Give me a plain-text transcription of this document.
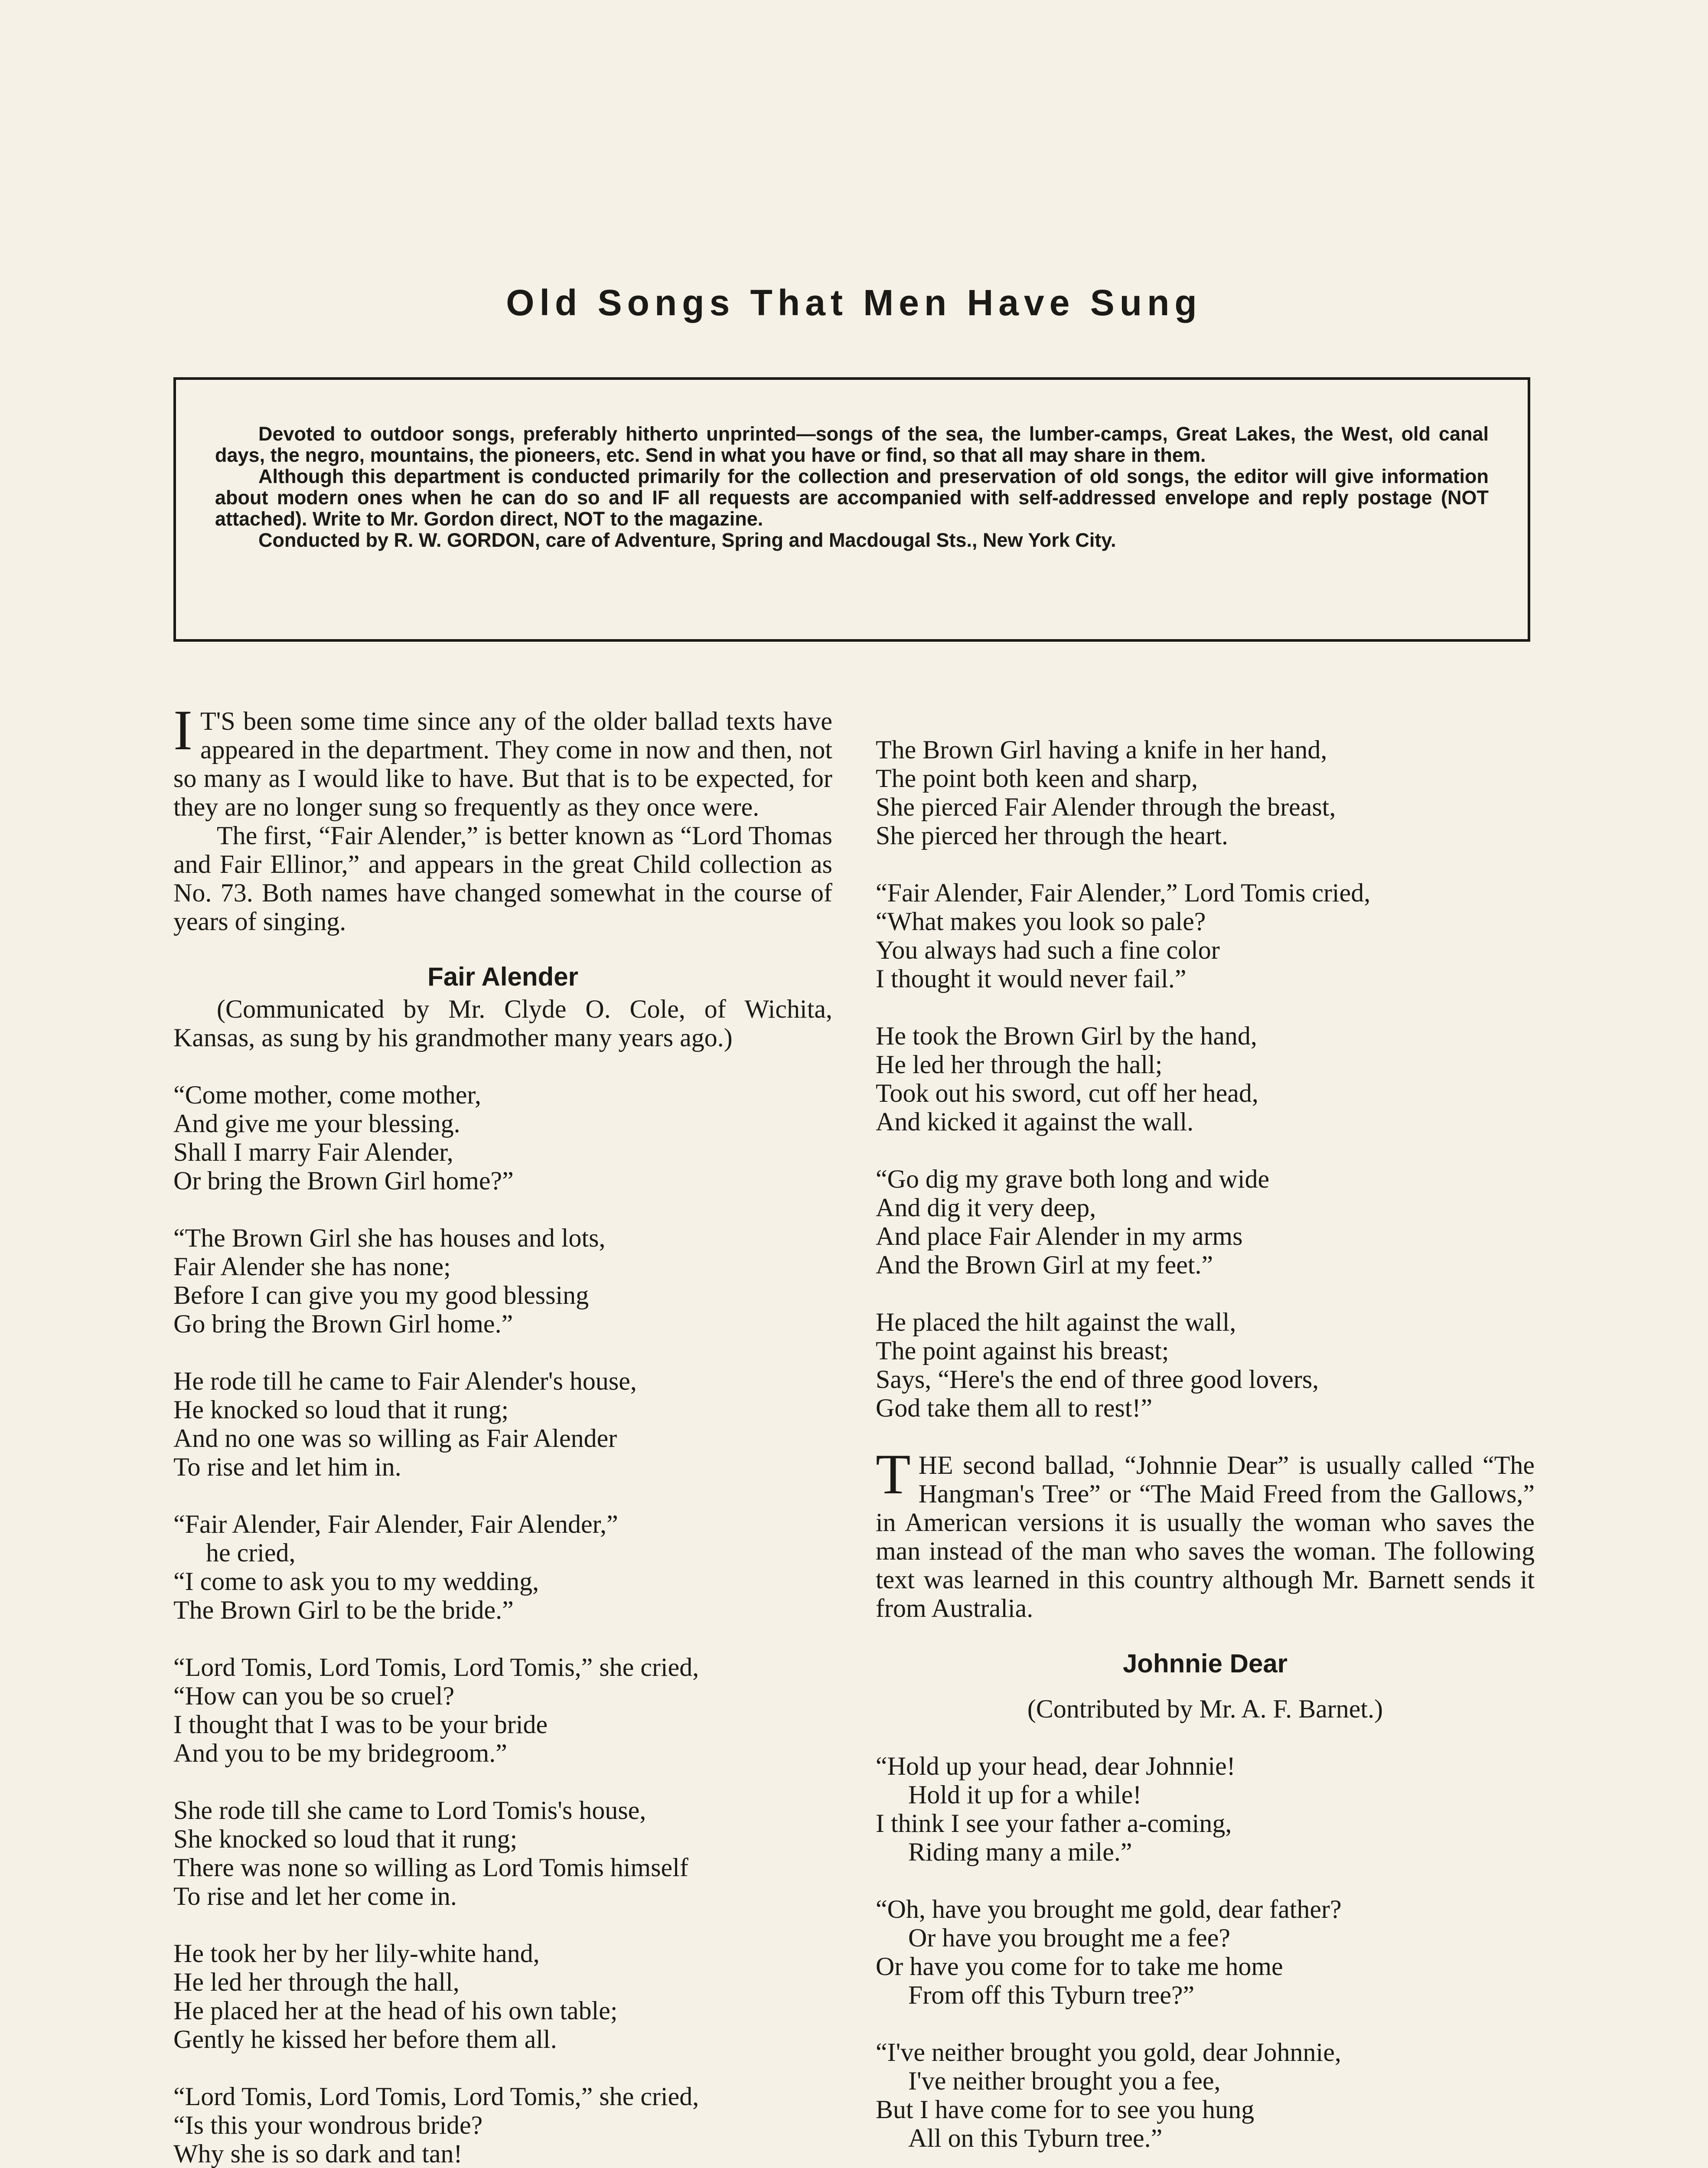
Old Songs That Men Have Sung

Devoted to outdoor songs, preferably hitherto unprinted—songs of the sea, the lumber-camps, Great Lakes, the West, old canal days, the negro, mountains, the pioneers, etc. Send in what you have or find, so that all may share in them.

Although this department is conducted primarily for the collection and preservation of old songs, the editor will give information about modern ones when he can do so and IF all requests are accompanied with self-addressed envelope and reply postage (NOT attached). Write to Mr. Gordon direct, NOT to the magazine.

Conducted by R. W. GORDON, care of Adventure, Spring and Macdougal Sts., New York City.

I T'S been some time since any of the older ballad texts have appeared in the department. They come in now and then, not so many as I would like to have. But that is to be expected, for they are no longer sung so frequently as they once were.

The first, “Fair Alender,” is better known as “Lord Thomas and Fair Ellinor,” and appears in the great Child collection as No. 73. Both names have changed somewhat in the course of years of singing.

Fair Alender

(Communicated by Mr. Clyde O. Cole, of Wichita, Kansas, as sung by his grandmother many years ago.)

“Come mother, come mother,
And give me your blessing.
Shall I marry Fair Alender,
Or bring the Brown Girl home?”
“The Brown Girl she has houses and lots,
Fair Alender she has none;
Before I can give you my good blessing
Go bring the Brown Girl home.”
He rode till he came to Fair Alender's house,
He knocked so loud that it rung;
And no one was so willing as Fair Alender
To rise and let him in.
“Fair Alender, Fair Alender, Fair Alender,”
he cried,
“I come to ask you to my wedding,
The Brown Girl to be the bride.”
“Lord Tomis, Lord Tomis, Lord Tomis,” she cried,
“How can you be so cruel?
I thought that I was to be your bride
And you to be my bridegroom.”
She rode till she came to Lord Tomis's house,
She knocked so loud that it rung;
There was none so willing as Lord Tomis himself
To rise and let her come in.
He took her by her lily-white hand,
He led her through the hall,
He placed her at the head of his own table;
Gently he kissed her before them all.
“Lord Tomis, Lord Tomis, Lord Tomis,” she cried,
“Is this your wondrous bride?
Why she is so dark and tan!
The Brown Girl having a knife in her hand,
The point both keen and sharp,
She pierced Fair Alender through the breast,
She pierced her through the heart.
“Fair Alender, Fair Alender,” Lord Tomis cried,
“What makes you look so pale?
You always had such a fine color
I thought it would never fail.”
He took the Brown Girl by the hand,
He led her through the hall;
Took out his sword, cut off her head,
And kicked it against the wall.
“Go dig my grave both long and wide
And dig it very deep,
And place Fair Alender in my arms
And the Brown Girl at my feet.”
He placed the hilt against the wall,
The point against his breast;
Says, “Here's the end of three good lovers,
God take them all to rest!”

THE second ballad, “Johnnie Dear” is usually called “The Hangman's Tree” or “The Maid Freed from the Gallows,” in American versions it is usually the woman who saves the man instead of the man who saves the woman. The following text was learned in this country although Mr. Barnett sends it from Australia.

Johnnie Dear

(Contributed by Mr. A. F. Barnet.)

“Hold up your head, dear Johnnie!
Hold it up for a while!
I think I see your father a-coming,
Riding many a mile.”
“Oh, have you brought me gold, dear father?
Or have you brought me a fee?
Or have you come for to take me home
From off this Tyburn tree?”
“I've neither brought you gold, dear Johnnie,
I've neither brought you a fee,
But I have come for to see you hung
All on this Tyburn tree.”
